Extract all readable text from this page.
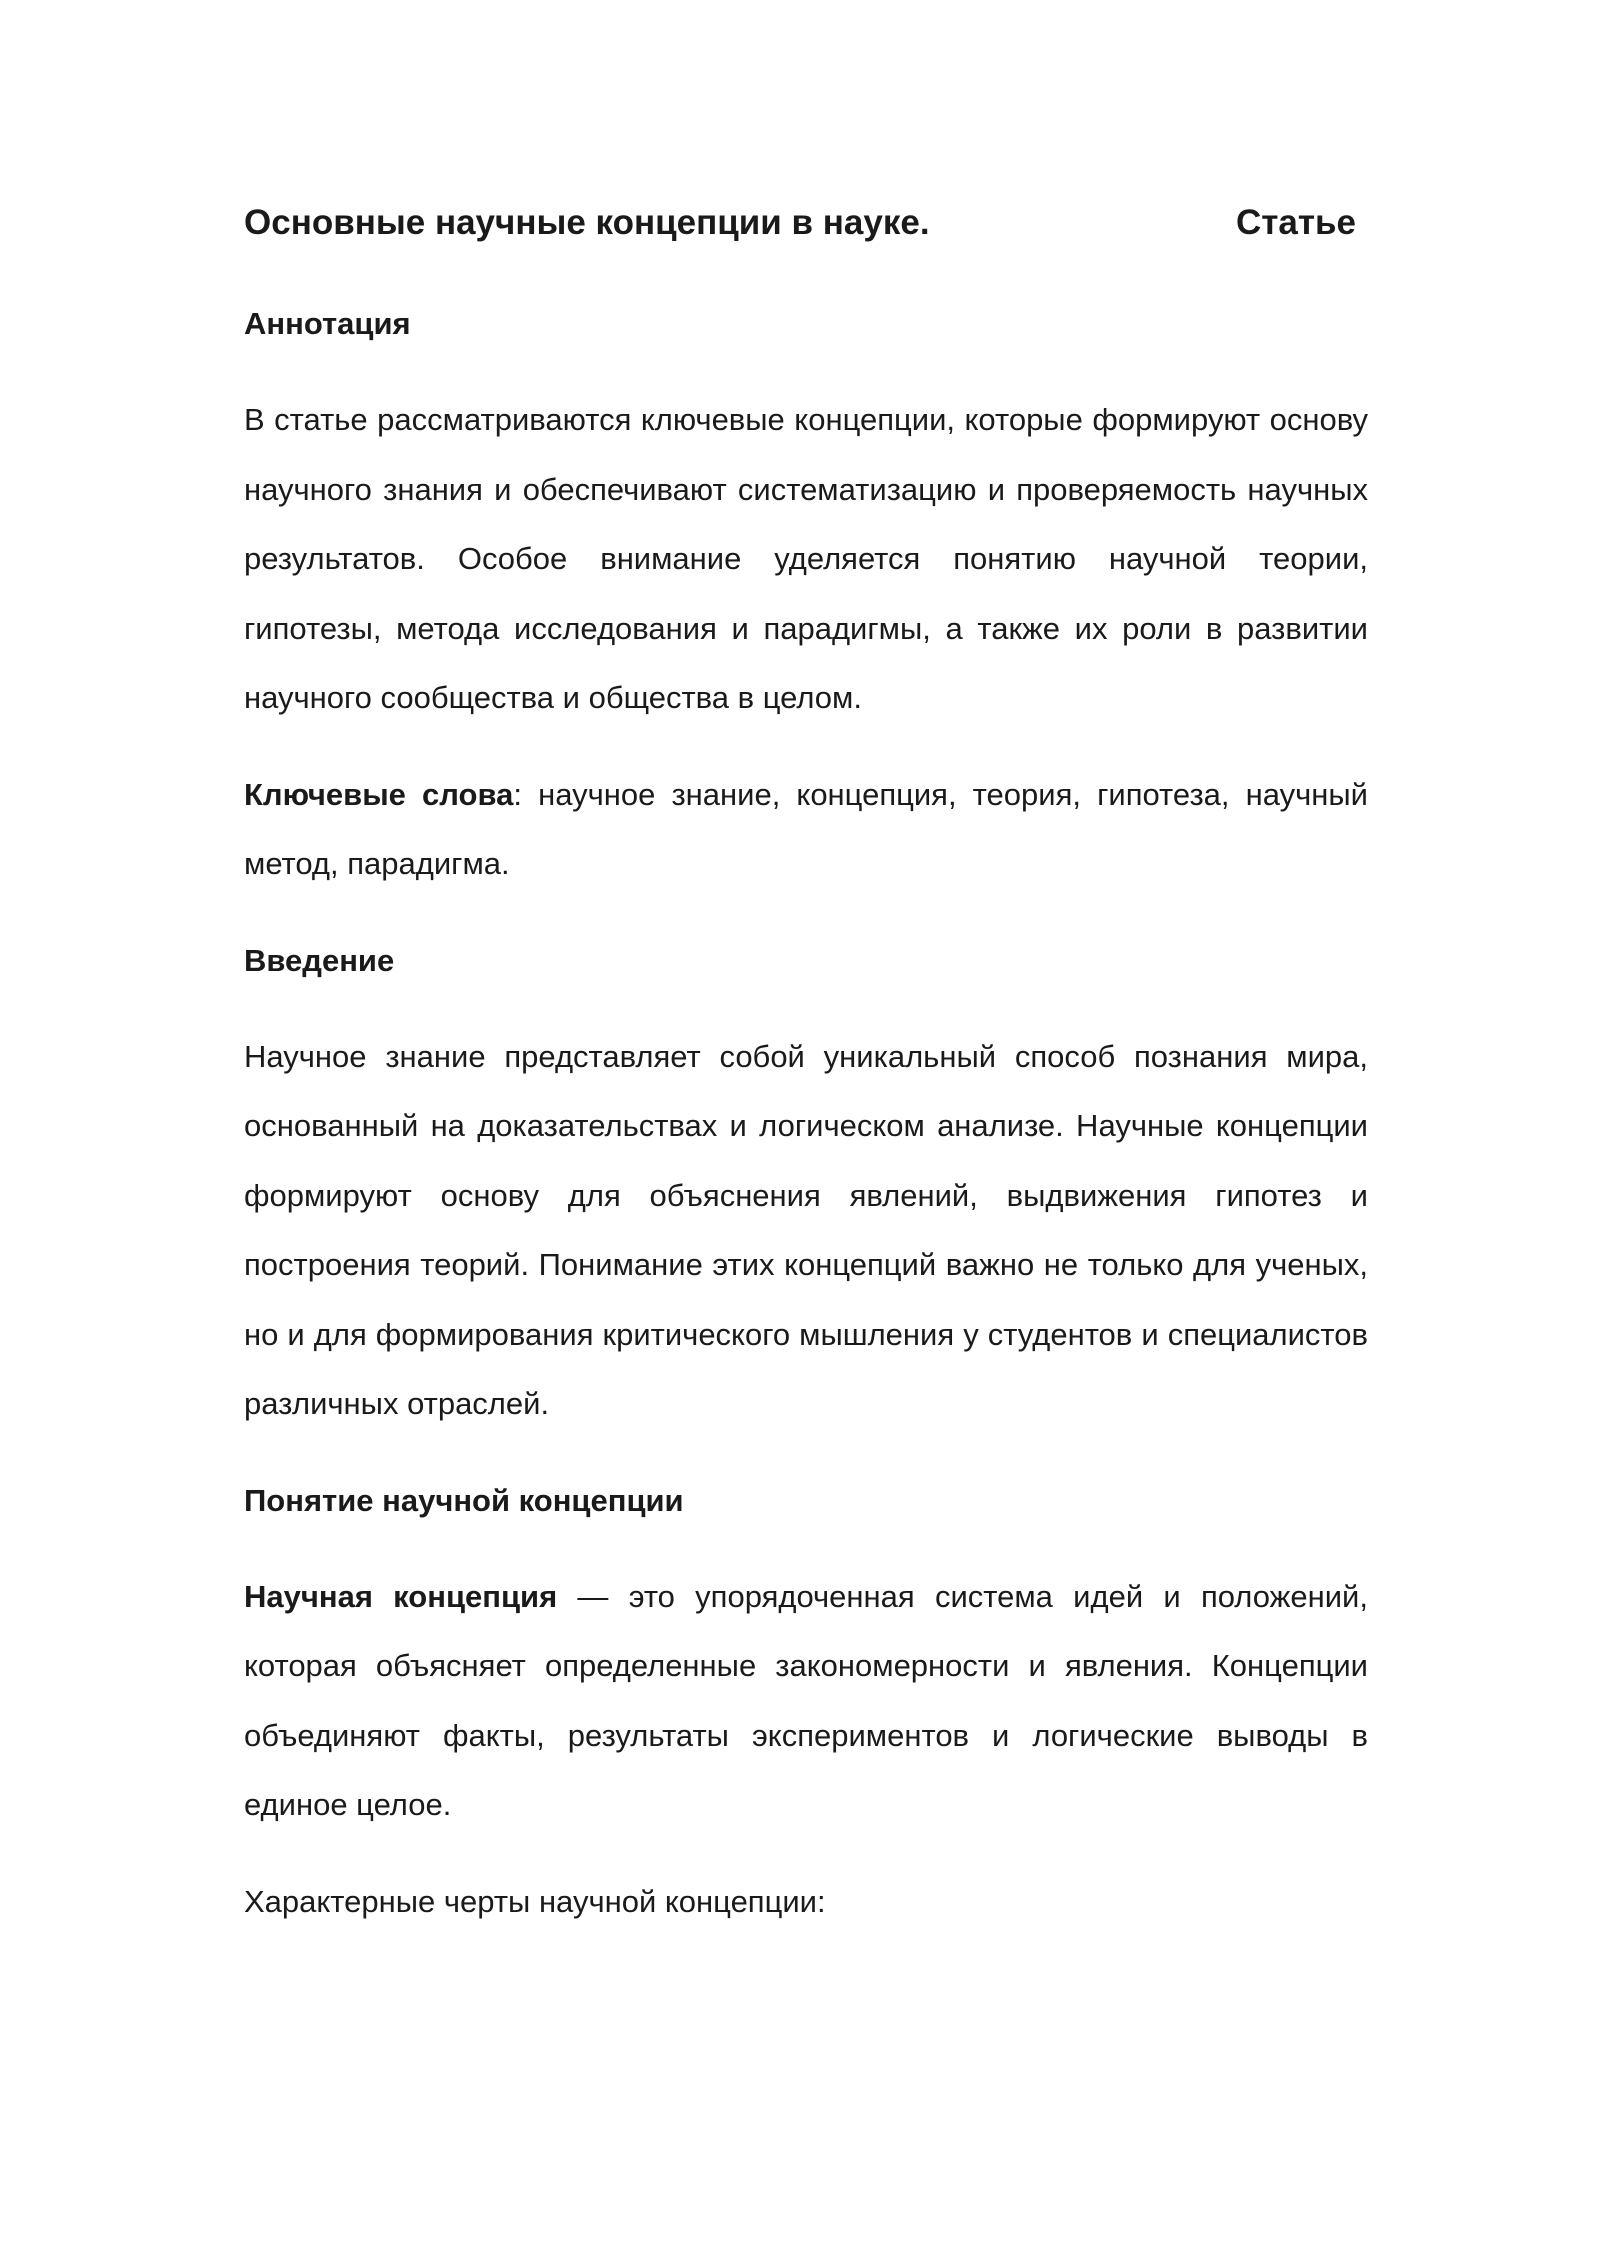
Основные научные концепции в науке.	Статье
Аннотация

В статье рассматриваются ключевые концепции, которые формируют основу научного знания и обеспечивают систематизацию и проверяемость научных результатов. Особое внимание уделяется понятию научной теории, гипотезы, метода исследования и парадигмы, а также их роли в развитии научного сообщества и общества в целом.

Ключевые слова: научное знание, концепция, теория, гипотеза, научный метод, парадигма.

Введение

Научное знание представляет собой уникальный способ познания мира, основанный на доказательствах и логическом анализе. Научные концепции формируют основу для объяснения явлений, выдвижения гипотез и построения теорий. Понимание этих концепций важно не только для ученых, но и для формирования критического мышления у студентов и специалистов различных отраслей.

Понятие научной концепции

Научная концепция — это упорядоченная система идей и положений, которая объясняет определенные закономерности и явления. Концепции объединяют факты, результаты экспериментов и логические выводы в единое целое.

Характерные черты научной концепции:
